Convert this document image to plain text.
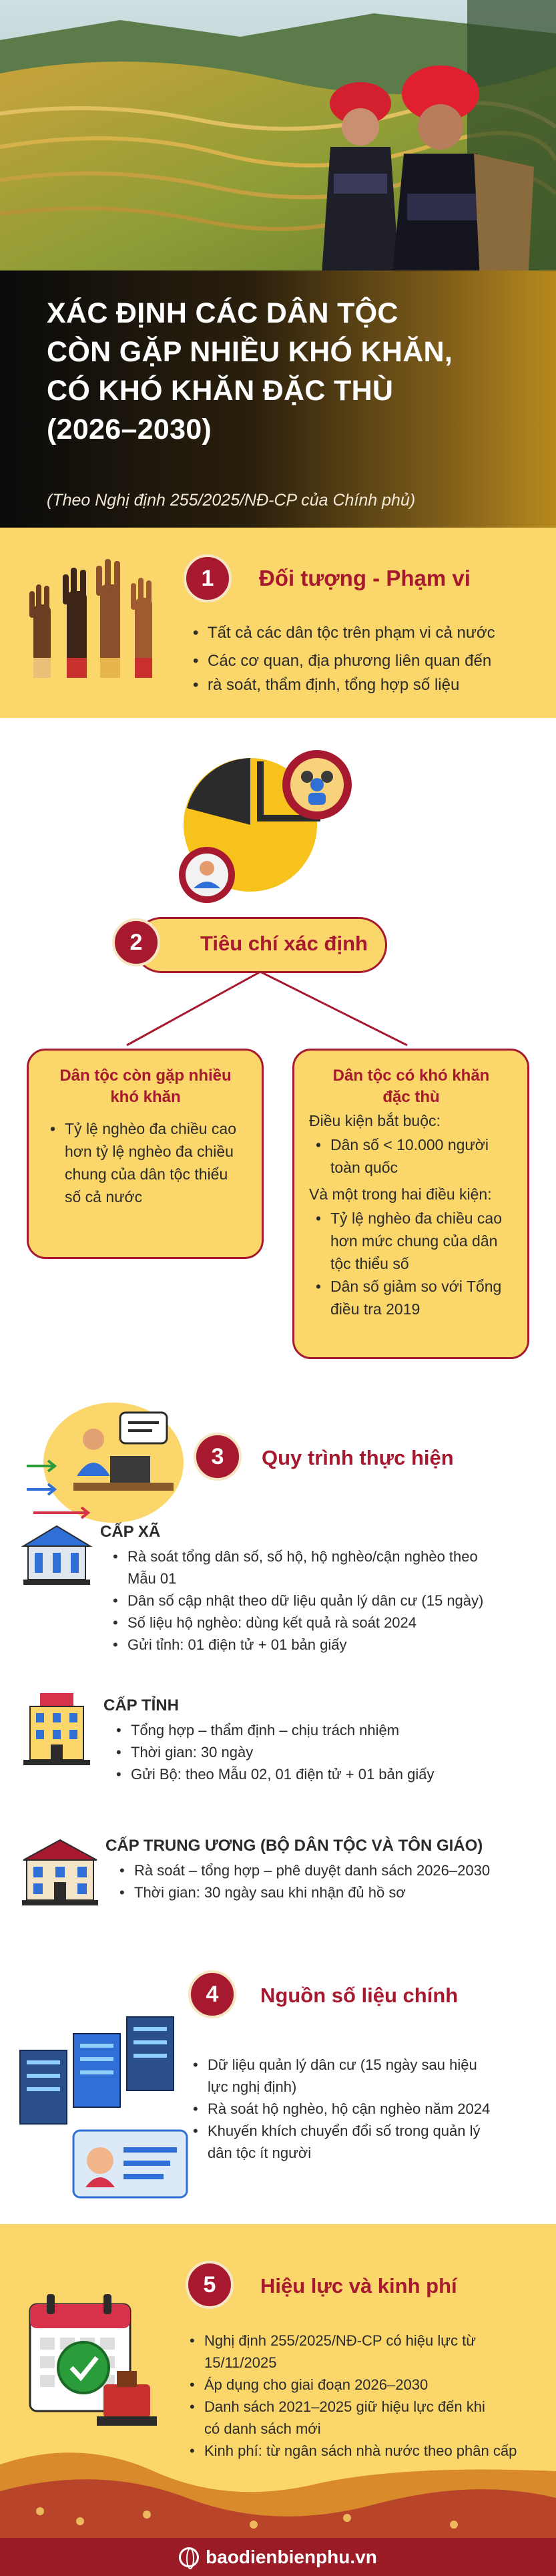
XÁC ĐỊNH CÁC DÂN TỘC
CÒN GẶP NHIỀU KHÓ KHĂN,
CÓ KHÓ KHĂN ĐẶC THÙ
(2026–2030)
(Theo Nghị định 255/2025/NĐ-CP của Chính phủ)
1	Đối tượng - Phạm vi
• Tất cả các dân tộc trên phạm vi cả nước
• Các cơ quan, địa phương liên quan đến
• rà soát, thẩm định, tổng hợp số liệu
2	Tiêu chí xác định
Dân tộc còn gặp nhiều
khó khăn
• Tỷ lệ nghèo đa chiều cao
hơn tỷ lệ nghèo đa chiều
chung của dân tộc thiểu
số cả nước
Dân tộc có khó khăn
đặc thù
Điều kiện bắt buộc:
• Dân số < 10.000 người
toàn quốc
Và một trong hai điều kiện:
• Tỷ lệ nghèo đa chiều cao
hơn mức chung của dân
tộc thiểu số
• Dân số giảm so với Tổng
điều tra 2019
3	Quy trình thực hiện
CẤP XÃ
• Rà soát tổng dân số, số hộ, hộ nghèo/cận nghèo theo
Mẫu 01
• Dân số cập nhật theo dữ liệu quản lý dân cư (15 ngày)
• Số liệu hộ nghèo: dùng kết quả rà soát 2024
• Gửi tỉnh: 01 điện tử + 01 bản giấy
CẤP TỈNH
• Tổng hợp – thẩm định – chịu trách nhiệm
• Thời gian: 30 ngày
• Gửi Bộ: theo Mẫu 02, 01 điện tử + 01 bản giấy
CẤP TRUNG ƯƠNG (BỘ DÂN TỘC VÀ TÔN GIÁO)
• Rà soát – tổng hợp – phê duyệt danh sách 2026–2030
• Thời gian: 30 ngày sau khi nhận đủ hồ sơ
4	Nguồn số liệu chính
• Dữ liệu quản lý dân cư (15 ngày sau hiệu
lực nghị định)
• Rà soát hộ nghèo, hộ cận nghèo năm 2024
• Khuyến khích chuyển đổi số trong quản lý
dân tộc ít người
5	Hiệu lực và kinh phí
• Nghị định 255/2025/NĐ-CP có hiệu lực từ
15/11/2025
• Áp dụng cho giai đoạn 2026–2030
• Danh sách 2021–2025 giữ hiệu lực đến khi
có danh sách mới
• Kinh phí: từ ngân sách nhà nước theo phân cấp
baodienbienphu.vn
